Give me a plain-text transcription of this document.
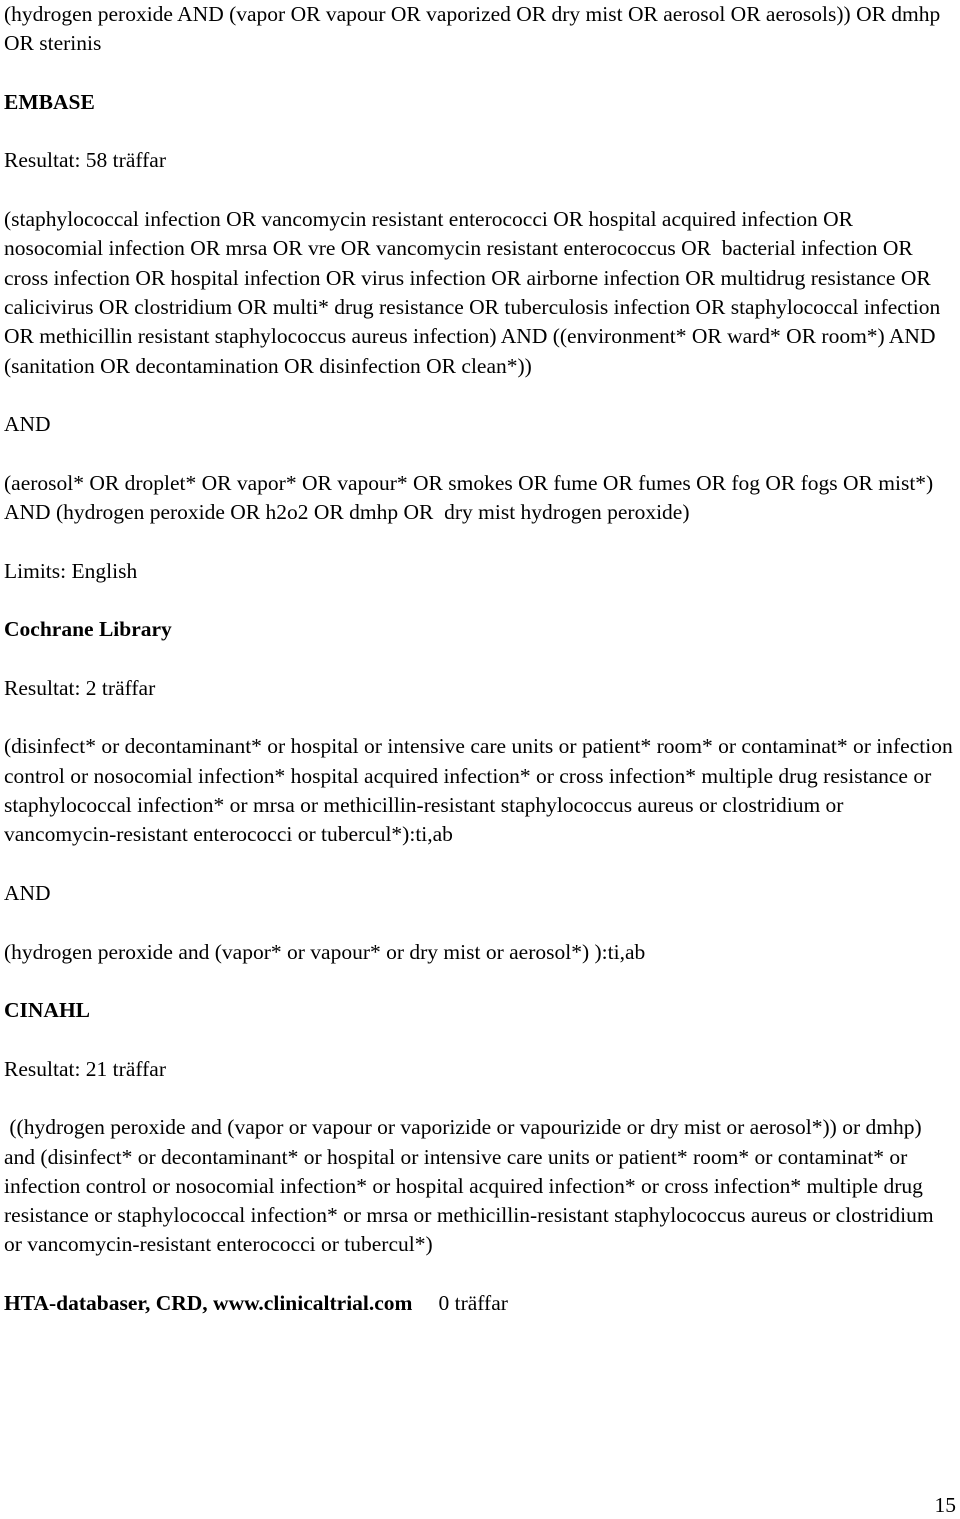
(hydrogen peroxide AND (vapor OR vapour OR vaporized OR dry mist OR aerosol OR aerosols)) OR dmhp OR sterinis

EMBASE

Resultat: 58 träffar

(staphylococcal infection OR vancomycin resistant enterococci OR hospital acquired infection OR nosocomial infection OR mrsa OR vre OR vancomycin resistant enterococcus OR  bacterial infection OR cross infection OR hospital infection OR virus infection OR airborne infection OR multidrug resistance OR calicivirus OR clostridium OR multi* drug resistance OR tuberculosis infection OR staphylococcal infection OR methicillin resistant staphylococcus aureus infection) AND ((environment* OR ward* OR room*) AND (sanitation OR decontamination OR disinfection OR clean*))

AND

(aerosol* OR droplet* OR vapor* OR vapour* OR smokes OR fume OR fumes OR fog OR fogs OR mist*) AND (hydrogen peroxide OR h2o2 OR dmhp OR  dry mist hydrogen peroxide)

Limits: English

Cochrane Library

Resultat: 2 träffar

(disinfect* or decontaminant* or hospital or intensive care units or patient* room* or contaminat* or infection control or nosocomial infection* hospital acquired infection* or cross infection* multiple drug resistance or staphylococcal infection* or mrsa or methicillin-resistant staphylococcus aureus or clostridium or vancomycin-resistant enterococci or tubercul*):ti,ab

AND

(hydrogen peroxide and (vapor* or vapour* or dry mist or aerosol*) ):ti,ab

CINAHL

Resultat: 21 träffar

((hydrogen peroxide and (vapor or vapour or vaporizide or vapourizide or dry mist or aerosol*)) or dmhp) and (disinfect* or decontaminant* or hospital or intensive care units or patient* room* or contaminat* or infection control or nosocomial infection* or hospital acquired infection* or cross infection* multiple drug resistance or staphylococcal infection* or mrsa or methicillin-resistant staphylococcus aureus or clostridium or vancomycin-resistant enterococci or tubercul*)

HTA-databaser, CRD, www.clinicaltrial.com 0 träffar

15
